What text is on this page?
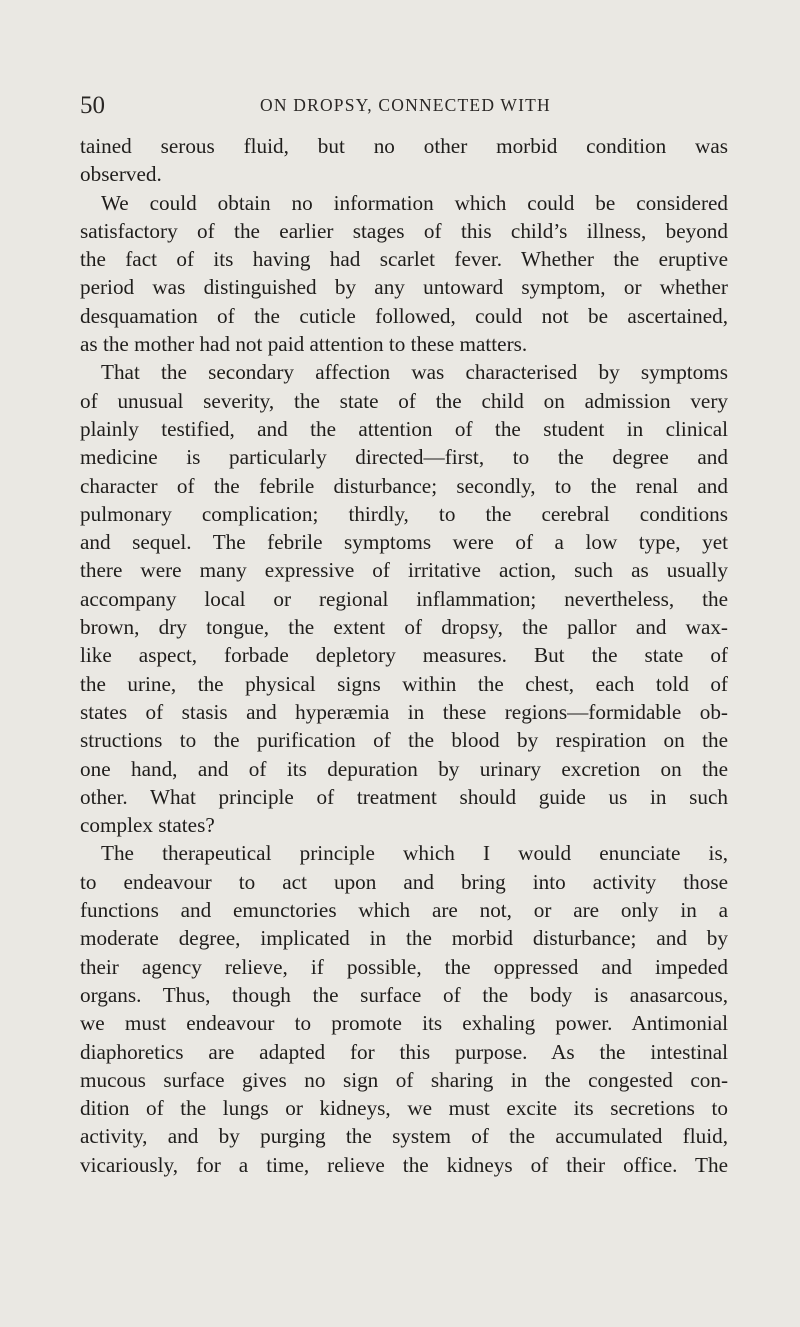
50	ON DROPSY, CONNECTED WITH
tained serous fluid, but no other morbid condition was
observed.
We could obtain no information which could be considered
satisfactory of the earlier stages of this child’s illness, beyond
the fact of its having had scarlet fever. Whether the eruptive
period was distinguished by any untoward symptom, or whether
desquamation of the cuticle followed, could not be ascertained,
as the mother had not paid attention to these matters.
That the secondary affection was characterised by symptoms
of unusual severity, the state of the child on admission very
plainly testified, and the attention of the student in clinical
medicine is particularly directed—first, to the degree and
character of the febrile disturbance; secondly, to the renal and
pulmonary complication; thirdly, to the cerebral conditions
and sequel. The febrile symptoms were of a low type, yet
there were many expressive of irritative action, such as usually
accompany local or regional inflammation; nevertheless, the
brown, dry tongue, the extent of dropsy, the pallor and wax-
like aspect, forbade depletory measures. But the state of
the urine, the physical signs within the chest, each told of
states of stasis and hyperæmia in these regions—formidable ob-
structions to the purification of the blood by respiration on the
one hand, and of its depuration by urinary excretion on the
other. What principle of treatment should guide us in such
complex states?
The therapeutical principle which I would enunciate is,
to endeavour to act upon and bring into activity those
functions and emunctories which are not, or are only in a
moderate degree, implicated in the morbid disturbance; and by
their agency relieve, if possible, the oppressed and impeded
organs. Thus, though the surface of the body is anasarcous,
we must endeavour to promote its exhaling power. Antimonial
diaphoretics are adapted for this purpose. As the intestinal
mucous surface gives no sign of sharing in the congested con-
dition of the lungs or kidneys, we must excite its secretions to
activity, and by purging the system of the accumulated fluid,
vicariously, for a time, relieve the kidneys of their office. The
